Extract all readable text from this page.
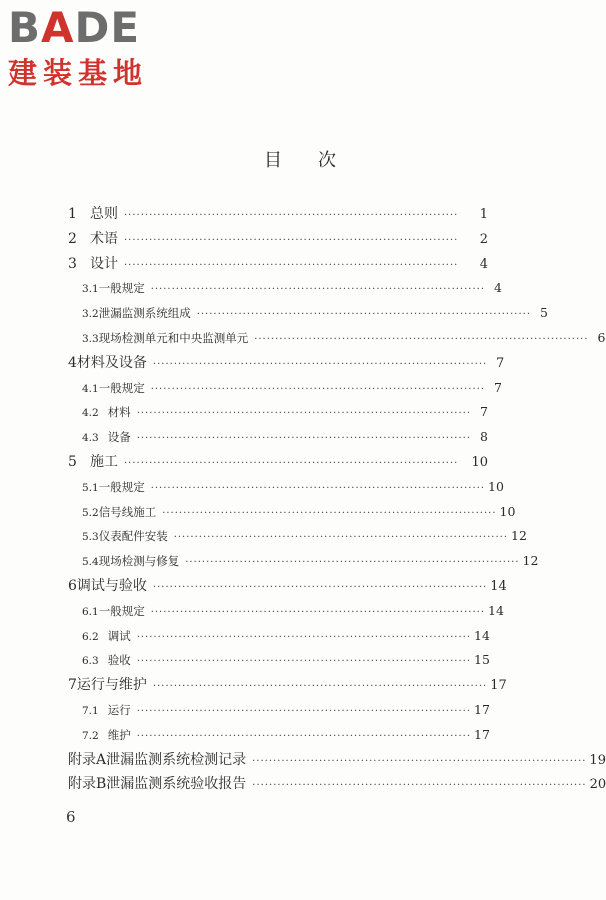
BADE
建装基地
目次
1 总则 ················································································	1
2 术语 ················································································	2
3 设计 ················································································	4
3.1 一般规定 ················································································ 4
3.2 泄漏监测系统组成 ················································································ 5
3.3 现场检测单元和中央监测单元 ················································································ 6
4 材料及设备 ················································································ 7
4.1 一般规定 ················································································ 7
4.2 材料 ················································································ 7
4.3 设备 ················································································ 8
5 施工 ················································································	10
5.1 一般规定 ················································································ 10
5.2 信号线施工 ················································································ 10
5.3 仪表配件安装 ················································································ 12
5.4 现场检测与修复 ················································································ 12
6 调试与验收 ················································································ 14
6.1 一般规定 ················································································ 14
6.2 调试 ················································································ 14
6.3 验收 ················································································ 15
7 运行与维护 ················································································ 17
7.1 运行 ················································································ 17
7.2 维护 ················································································ 17
附录A 泄漏监测系统检测记录 ················································································ 19
附录B 泄漏监测系统验收报告 ················································································ 20
6
